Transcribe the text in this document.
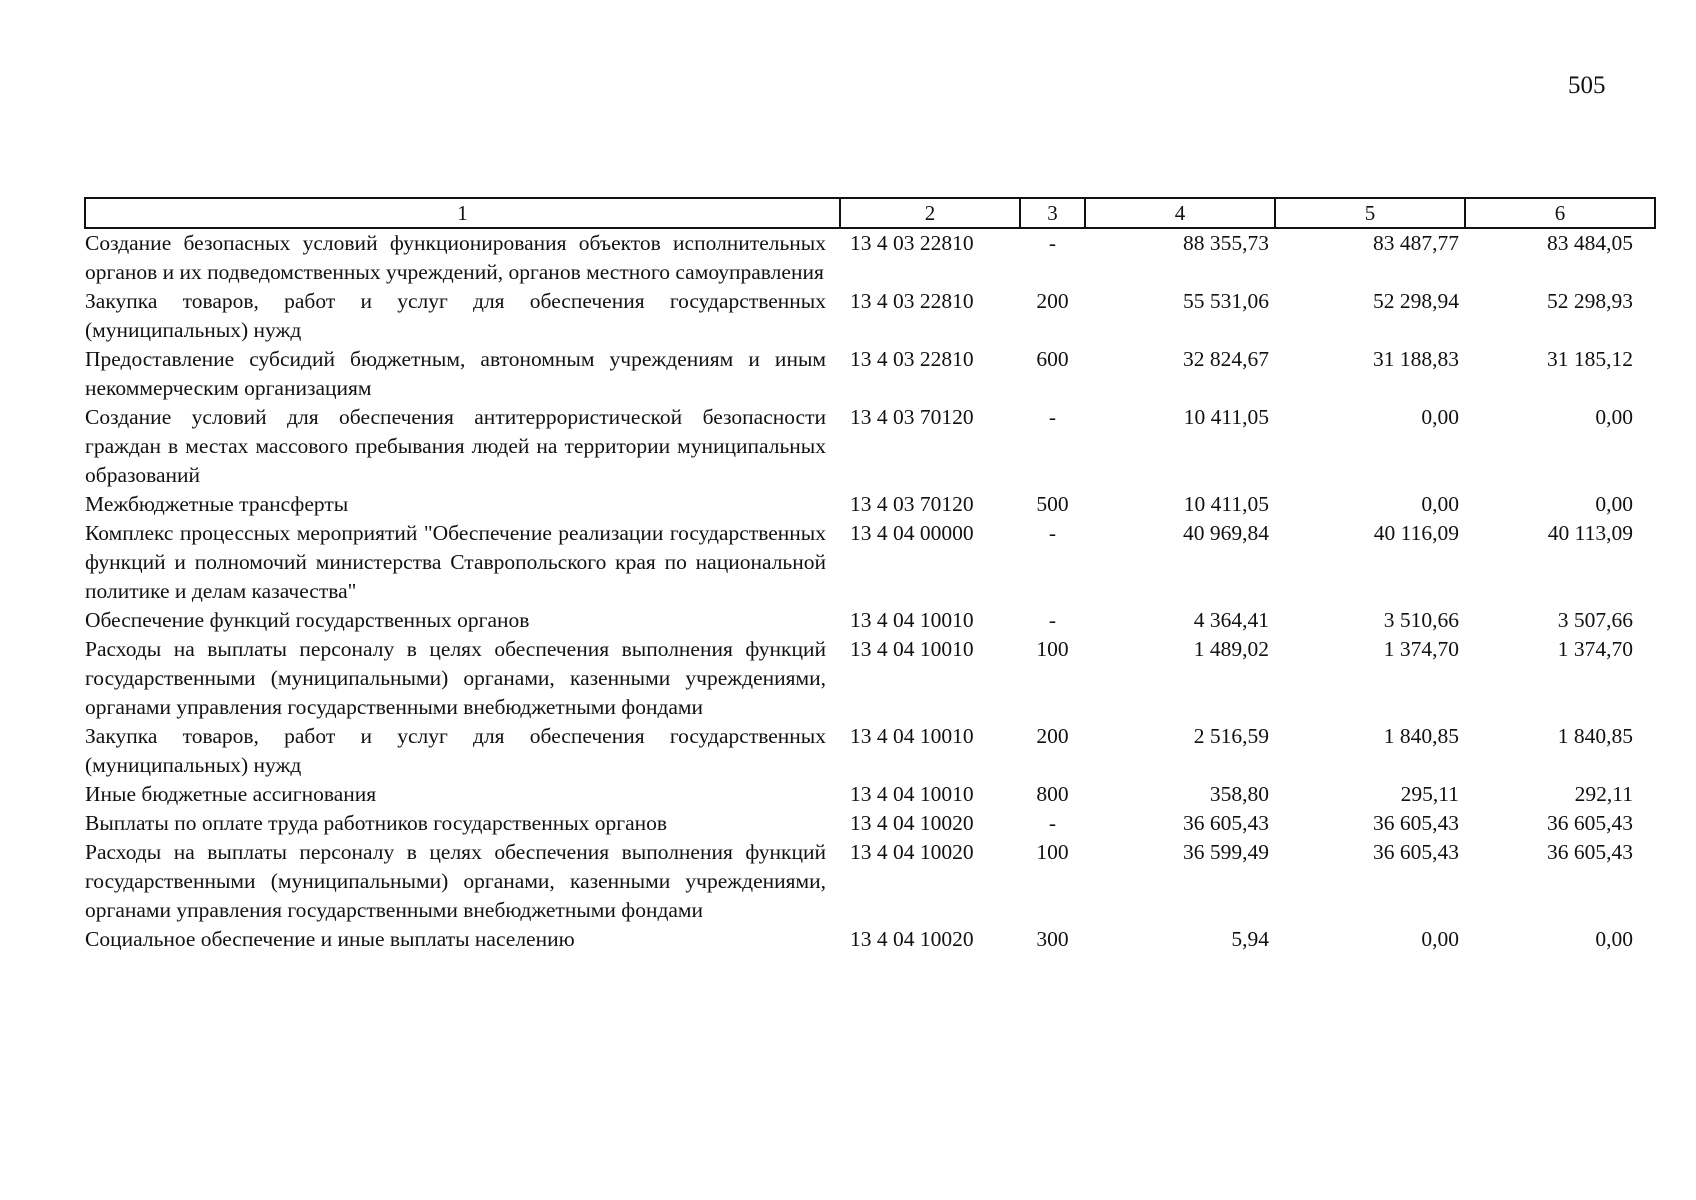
505
1	2	3	4	5	6
Создание безопасных условий функционирования объектов исполнительных органов и их подведомственных учреждений, органов местного самоуправления	13 4 03 22810	-	88 355,73	83 487,77	83 484,05
Закупка товаров, работ и услуг для обеспечения государственных (муниципальных) нужд	13 4 03 22810	200	55 531,06	52 298,94	52 298,93
Предоставление субсидий бюджетным, автономным учреждениям и иным некоммерческим организациям	13 4 03 22810	600	32 824,67	31 188,83	31 185,12
Создание условий для обеспечения антитеррористической безопасности граждан в местах массового пребывания людей на территории муниципальных образований	13 4 03 70120	-	10 411,05	0,00	0,00
Межбюджетные трансферты	13 4 03 70120	500	10 411,05	0,00	0,00
Комплекс процессных мероприятий "Обеспечение реализации государственных функций и полномочий министерства Ставропольского края по национальной политике и делам казачества"	13 4 04 00000	-	40 969,84	40 116,09	40 113,09
Обеспечение функций государственных органов	13 4 04 10010	-	4 364,41	3 510,66	3 507,66
Расходы на выплаты персоналу в целях обеспечения выполнения функций государственными (муниципальными) органами, казенными учреждениями, органами управления государственными внебюджетными фондами	13 4 04 10010	100	1 489,02	1 374,70	1 374,70
Закупка товаров, работ и услуг для обеспечения государственных (муниципальных) нужд	13 4 04 10010	200	2 516,59	1 840,85	1 840,85
Иные бюджетные ассигнования	13 4 04 10010	800	358,80	295,11	292,11
Выплаты по оплате труда работников государственных органов	13 4 04 10020	-	36 605,43	36 605,43	36 605,43
Расходы на выплаты персоналу в целях обеспечения выполнения функций государственными (муниципальными) органами, казенными учреждениями, органами управления государственными внебюджетными фондами	13 4 04 10020	100	36 599,49	36 605,43	36 605,43
Социальное обеспечение и иные выплаты населению	13 4 04 10020	300	5,94	0,00	0,00
